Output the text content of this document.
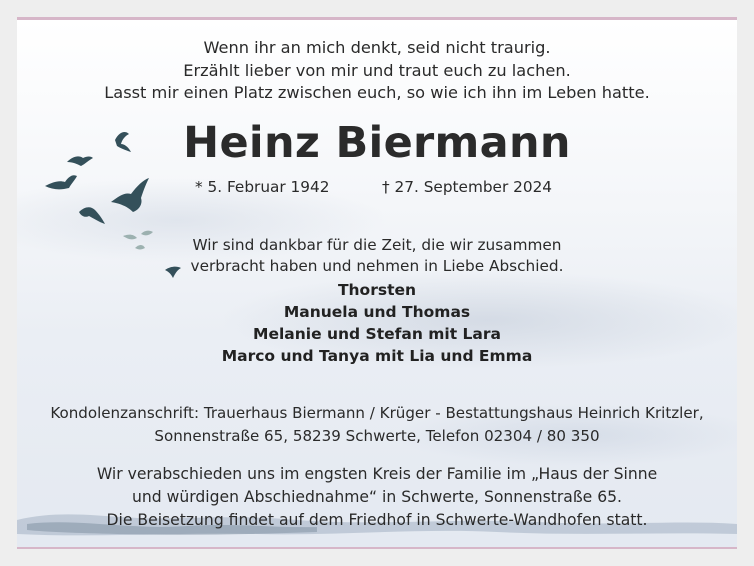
Wenn ihr an mich denkt, seid nicht traurig.
Erzählt lieber von mir und traut euch zu lachen.
Lasst mir einen Platz zwischen euch, so wie ich ihn im Leben hatte.
Heinz Biermann
* 5. Februar 1942	† 27. September 2024
Wir sind dankbar für die Zeit, die wir zusammen
verbracht haben und nehmen in Liebe Abschied.
Thorsten
Manuela und Thomas
Melanie und Stefan mit Lara
Marco und Tanya mit Lia und Emma
Kondolenzanschrift: Trauerhaus Biermann / Krüger - Bestattungshaus Heinrich Kritzler,
Sonnenstraße 65, 58239 Schwerte, Telefon 02304 / 80 350
Wir verabschieden uns im engsten Kreis der Familie im „Haus der Sinne
und würdigen Abschiednahme“ in Schwerte, Sonnenstraße 65.
Die Beisetzung findet auf dem Friedhof in Schwerte-Wandhofen statt.
